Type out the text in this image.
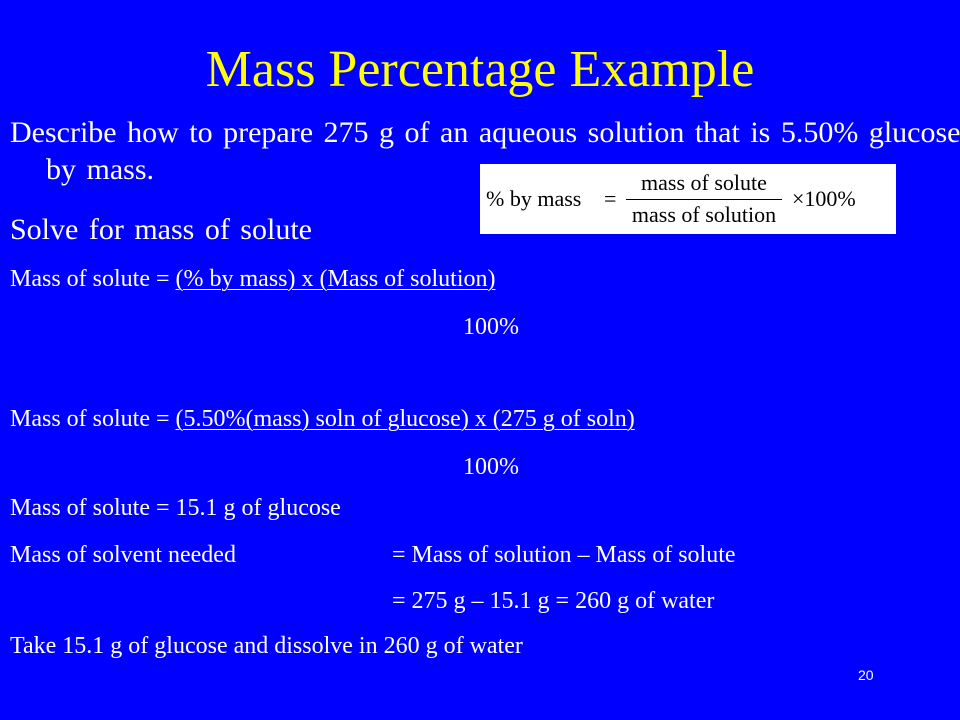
Mass Percentage Example
Describe how to prepare 275 g of an aqueous solution that is 5.50% glucose by mass.
Solve for mass of solute
% by mass =
mass of solute
mass of solution
×100%
Mass of solute = (% by mass) x (Mass of solution)
100%
Mass of solute = (5.50%(mass) soln of glucose) x (275 g of soln)
100%
Mass of solute = 15.1 g of glucose
Mass of solvent needed	= Mass of solution – Mass of solute
= 275 g – 15.1 g = 260 g of water
Take 15.1 g of glucose and dissolve in 260 g of water
20
